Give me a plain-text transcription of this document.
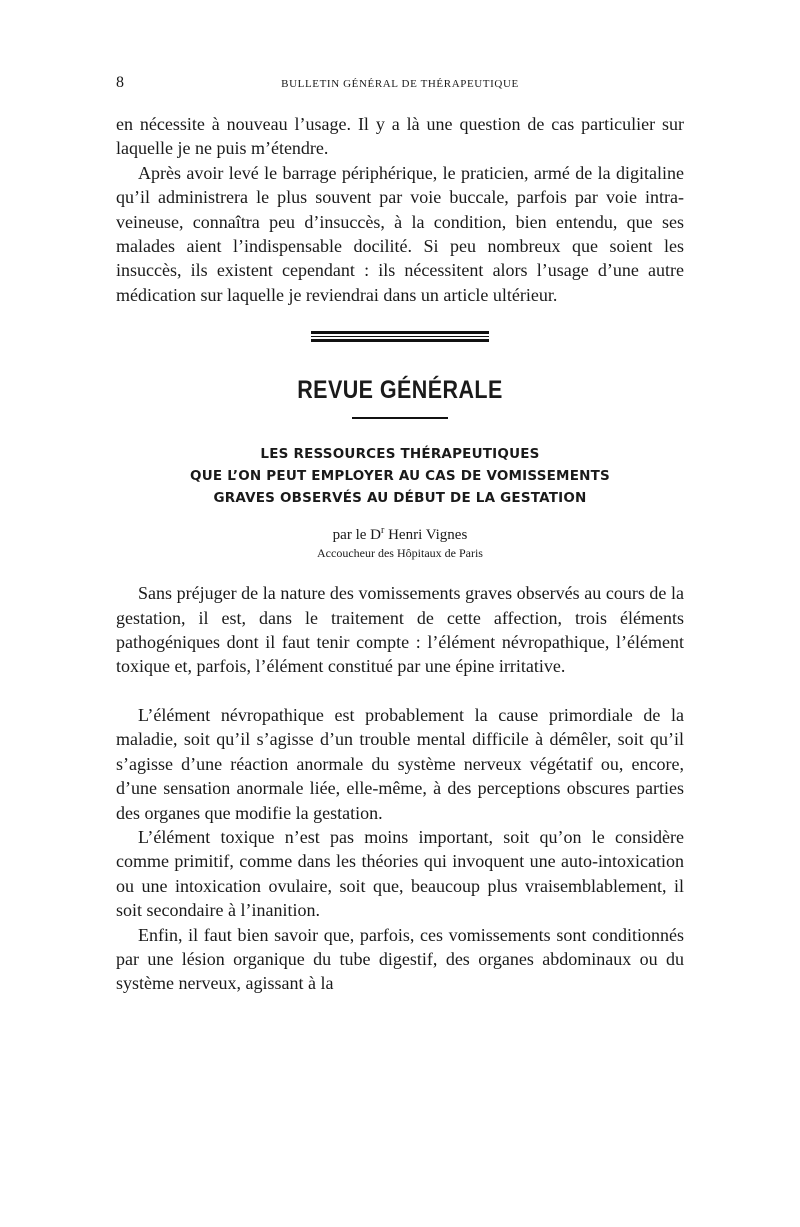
8	BULLETIN GÉNÉRAL DE THÉRAPEUTIQUE

en nécessite à nouveau l’usage. Il y a là une question de cas particulier sur laquelle je ne puis m’étendre.

Après avoir levé le barrage périphérique, le praticien, armé de la digitaline qu’il administrera le plus souvent par voie buccale, parfois par voie intra-veineuse, connaîtra peu d’insuccès, à la condition, bien entendu, que ses malades aient l’indispensable docilité. Si peu nombreux que soient les insuccès, ils existent cependant : ils nécessitent alors l’usage d’une autre médication sur laquelle je reviendrai dans un article ultérieur.

REVUE GÉNÉRALE
LES RESSOURCES THÉRAPEUTIQUES
QUE L’ON PEUT EMPLOYER AU CAS DE VOMISSEMENTS
GRAVES OBSERVÉS AU DÉBUT DE LA GESTATION
par le $D^r$ Henri Vignes
Accoucheur des Hôpitaux de Paris

Sans préjuger de la nature des vomissements graves observés au cours de la gestation, il est, dans le traitement de cette affection, trois éléments pathogéniques dont il faut tenir compte : l’élément névropathique, l’élément toxique et, parfois, l’élément constitué par une épine irritative.

L’élément névropathique est probablement la cause primordiale de la maladie, soit qu’il s’agisse d’un trouble mental difficile à démêler, soit qu’il s’agisse d’une réaction anormale du système nerveux végétatif ou, encore, d’une sensation anormale liée, elle-même, à des perceptions obscures parties des organes que modifie la gestation.

L’élément toxique n’est pas moins important, soit qu’on le considère comme primitif, comme dans les théories qui invoquent une auto-intoxication ou une intoxication ovulaire, soit que, beaucoup plus vraisemblablement, il soit secondaire à l’inanition.

Enfin, il faut bien savoir que, parfois, ces vomissements sont conditionnés par une lésion organique du tube digestif, des organes abdominaux ou du système nerveux, agissant à la
